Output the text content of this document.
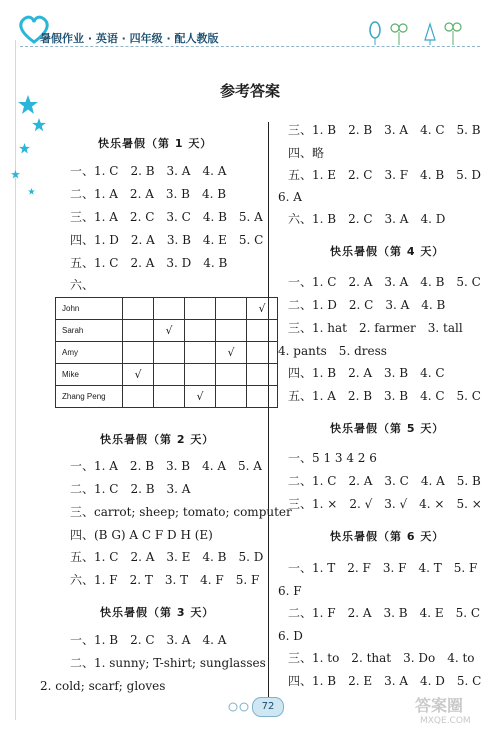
暑假作业 · 英语 · 四年级 · 配人教版
参考答案
快乐暑假（第 1 天）
一、1. C　2. B　3. A　4. A
二、1. A　2. A　3. B　4. B
三、1. A　2. C　3. C　4. B　5. A
四、1. D　2. A　3. B　4. E　5. C
五、1. C　2. A　3. D　4. B
六、
John					√
Sarah		√			
Amy				√	
Mike	√				
Zhang Peng			√		
快乐暑假（第 2 天）
一、1. A　2. B　3. B　4. A　5. A
二、1. C　2. B　3. A
三、carrot; sheep; tomato; computer
四、(B G) A C F D H (E)
五、1. C　2. A　3. E　4. B　5. D
六、1. F　2. T　3. T　4. F　5. F
快乐暑假（第 3 天）
一、1. B　2. C　3. A　4. A
二、1. sunny; T-shirt; sunglasses
2. cold; scarf; gloves
三、1. B　2. B　3. A　4. C　5. B
四、略
五、1. E　2. C　3. F　4. B　5. D
6. A
六、1. B　2. C　3. A　4. D
快乐暑假（第 4 天）
一、1. C　2. A　3. A　4. B　5. C
二、1. D　2. C　3. A　4. B
三、1. hat　2. farmer　3. tall
4. pants　5. dress
四、1. B　2. A　3. B　4. C
五、1. A　2. B　3. B　4. C　5. C
快乐暑假（第 5 天）
一、5 1 3 4 2 6
二、1. C　2. A　3. C　4. A　5. B
三、1. ×　2. √　3. √　4. ×　5. ×
快乐暑假（第 6 天）
一、1. T　2. F　3. F　4. T　5. F
6. F
二、1. F　2. A　3. B　4. E　5. C
6. D
三、1. to　2. that　3. Do　4. to
四、1. B　2. E　3. A　4. D　5. C
72	答案圈
MXQE.COM
